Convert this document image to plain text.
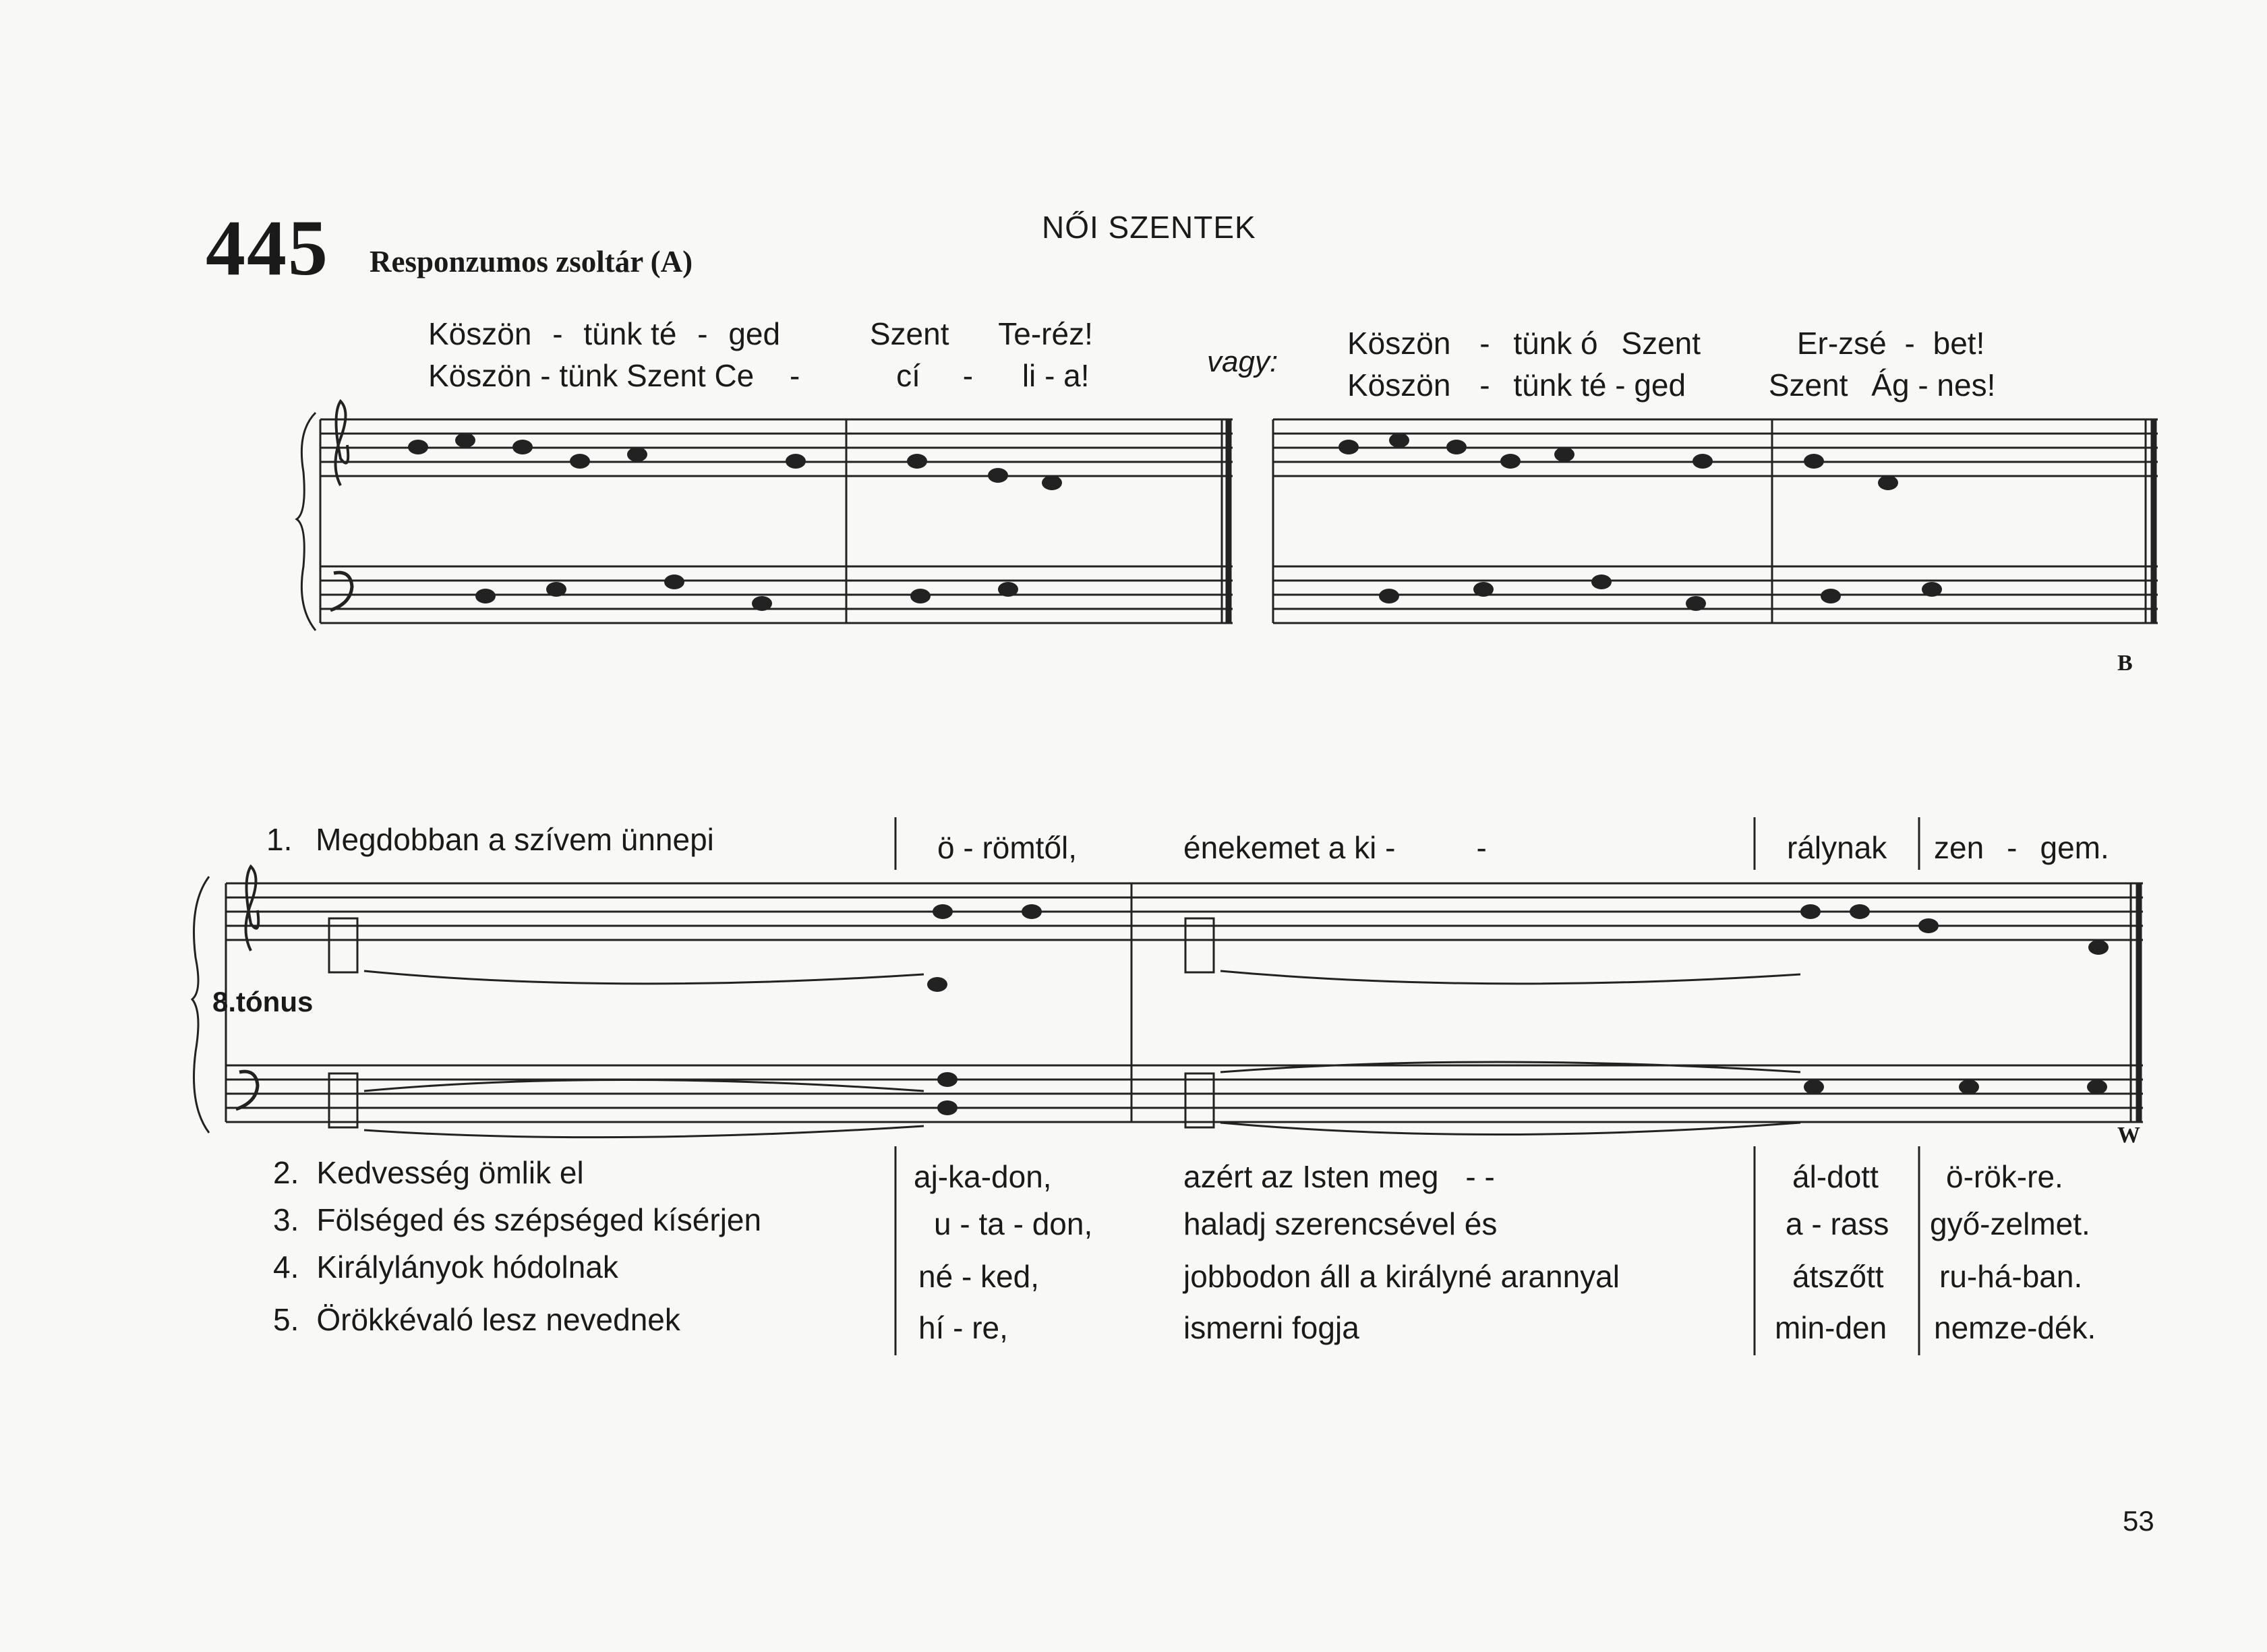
445 Responzumos zsoltár (A)
NŐI SZENTEK
Köszön - tünk té - ged	Szent Te-réz!
Köszön - tünk Szent Ce -	cí - li - a!	vagy:
Köszön - tünk ó Szent	Er-zsé - bet!
Köszön - tünk té - ged	Szent Ág - nes!
B
8.tónus
W
1. Megdobban a szívem ünnepi	ö - römtől,	énekemet a ki -	-	rálynak zen - gem.
2. Kedvesség ömlik el	aj-ka-don,	azért az Isten meg - -	ál-dott ö-rök-re.
3. Fölséged és szépséged kísérjen	u - ta - don,	haladj szerencsével és	a - rass győ-zelmet.
4. Királylányok hódolnak	né - ked,	jobbodon áll a királyné arannyal	átszőtt ru-há-ban.
5. Örökkévaló lesz nevednek	hí - re,	ismerni fogja	min-den nemze-dék.
53
